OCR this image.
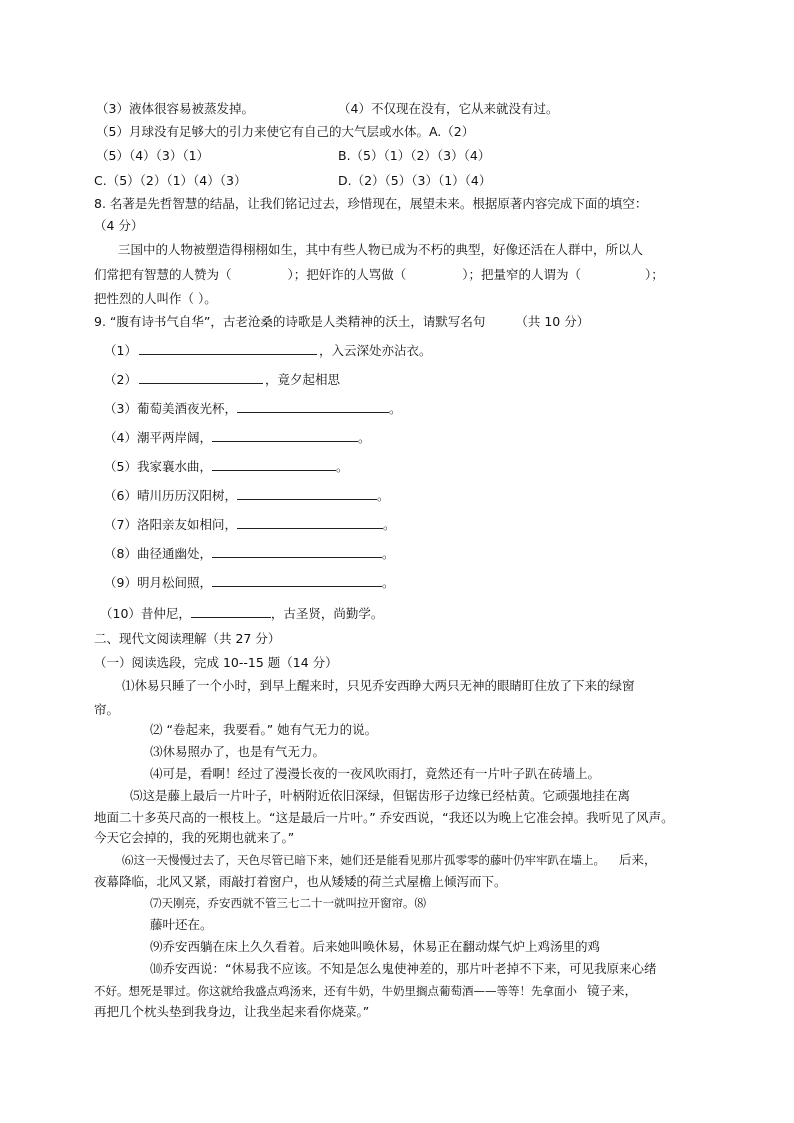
（3）液体很容易被蒸发掉。	（4）不仅现在没有，它从来就没有过。
（5）月球没有足够大的引力来使它有自己的大气层或水体。A.（2）
（5）（4）（3）（1）	B.（5）（1）（2）（3）（4）
C.（5）（2）（1）（4）（3）	D.（2）（5）（3）（1）（4）
8. 名著是先哲智慧的结晶，让我们铭记过去，珍惜现在，展望未来。根据原著内容完成下面的填空：
（4 分）
三国中的人物被塑造得栩栩如生，其中有些人物已成为不朽的典型，好像还活在人群中，所以人
们常把有智慧的人赞为（	）；把奸诈的人骂做（	）；把量窄的人谓为（	）；
把性烈的人叫作（ ）。
9. “腹有诗书气自华”，古老沧桑的诗歌是人类精神的沃土，请默写名句 （共 10 分）
（1）	，入云深处亦沾衣。
（2）	，竟夕起相思
（3）葡萄美酒夜光杯，	。
（4）潮平两岸阔，	。
（5）我家襄水曲，	。
（6）晴川历历汉阳树，	。
（7）洛阳亲友如相问，	。
（8）曲径通幽处，	。
（9）明月松间照，	。
（10）昔仲尼，	，古圣贤，尚勤学。
二、现代文阅读理解（共 27 分）
（一）阅读选段，完成 10--15 题（14 分）
⑴休易只睡了一个小时，到早上醒来时，只见乔安西睁大两只无神的眼睛盯住放了下来的绿窗
帘。
⑵ “卷起来，我要看。” 她有气无力的说。
⑶休易照办了，也是有气无力。
⑷可是，看啊！经过了漫漫长夜的一夜风吹雨打，竟然还有一片叶子趴在砖墙上。
⑸这是藤上最后一片叶子，叶柄附近依旧深绿，但锯齿形子边缘已经枯黄。它顽强地挂在离
地面二十多英尺高的一根枝上。“这是最后一片叶。” 乔安西说，“我还以为晚上它准会掉。我听见了风声。
今天它会掉的，我的死期也就来了。”
⑹这一天慢慢过去了，天色尽管已暗下来，她们还是能看见那片孤零零的藤叶仍牢牢趴在墙上。 后来，
夜幕降临，北风又紧，雨敲打着窗户，也从矮矮的荷兰式屋檐上倾泻而下。
⑺天刚亮，乔安西就不管三七二十一就叫拉开窗帘。⑻
藤叶还在。
⑼乔安西躺在床上久久看着。后来她叫唤休易，休易正在翻动煤气炉上鸡汤里的鸡
⑽乔安西说：“休易我不应该。不知是怎么鬼使神差的，那片叶老掉不下来，可见我原来心绪
不好。想死是罪过。你这就给我盛点鸡汤来，还有牛奶，牛奶里搁点葡萄酒——等等！先拿面小 镜子来，
再把几个枕头垫到我身边，让我坐起来看你烧菜。”
